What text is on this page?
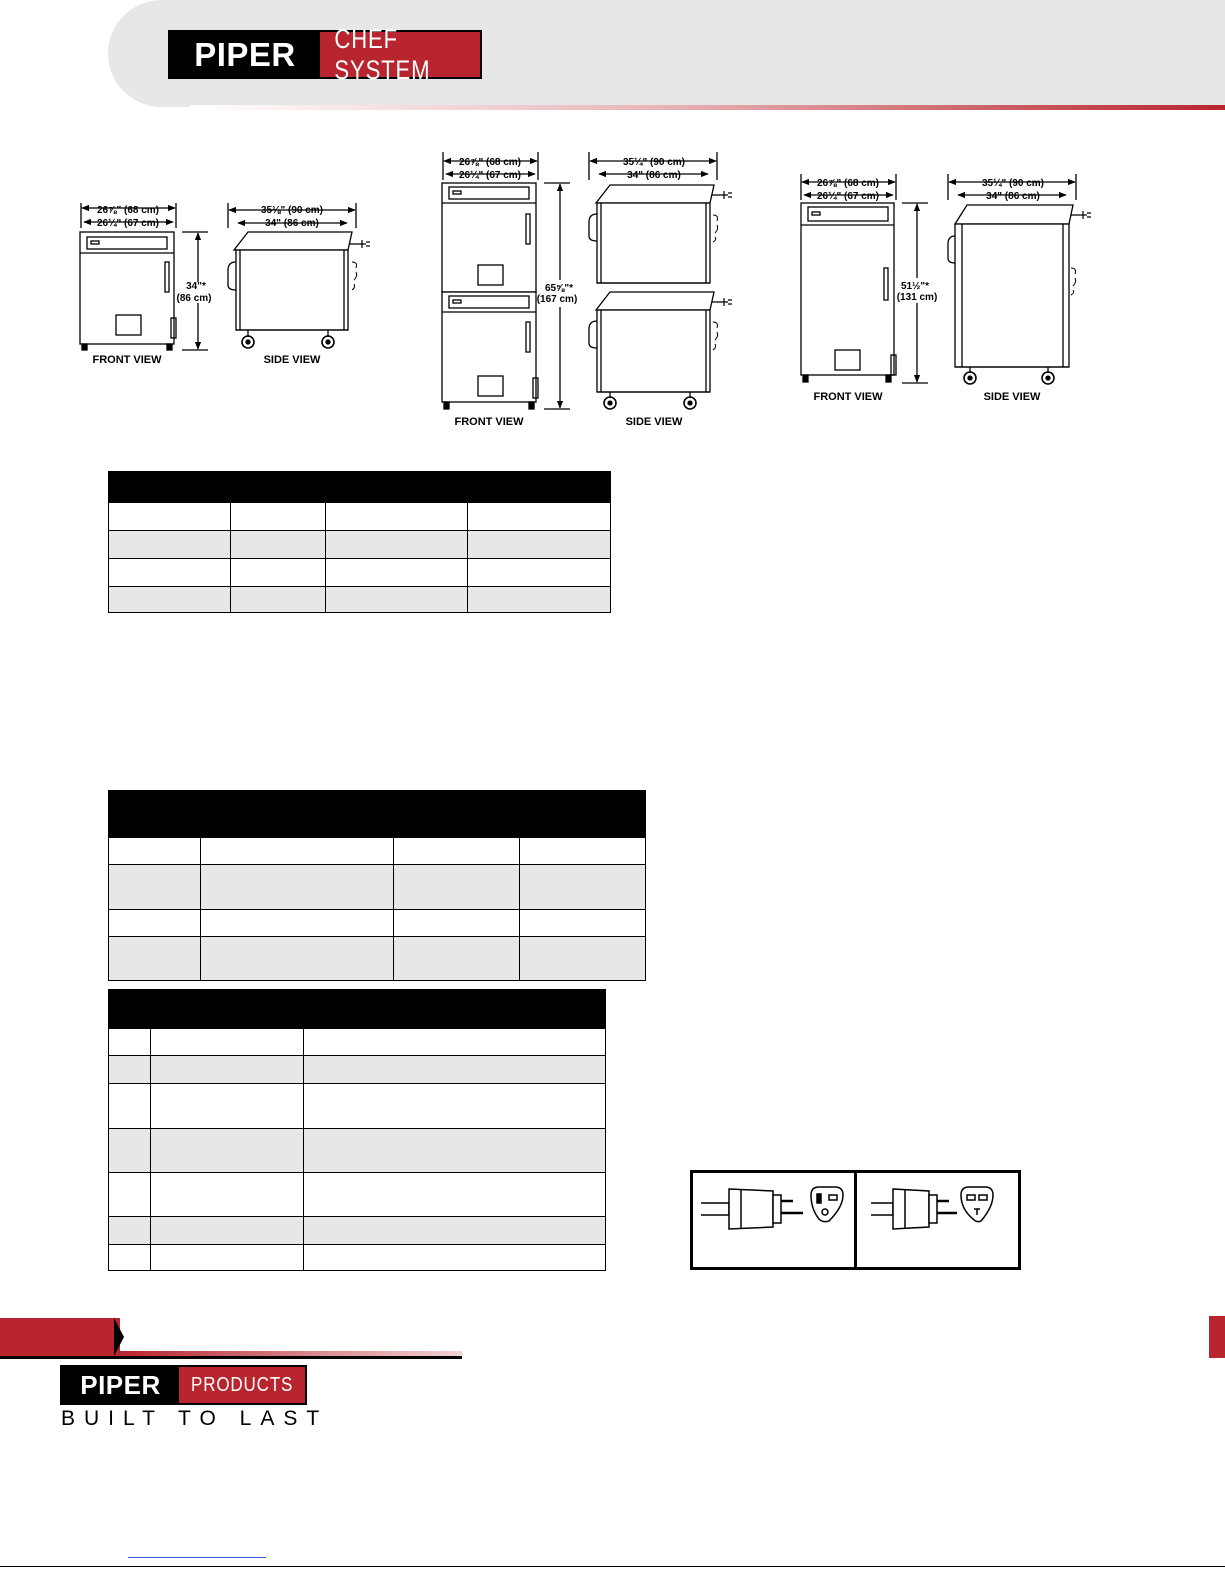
PIPER	CHEF SYSTEM
26⅞" (68 cm)
26¼" (67 cm)
34"*
(86 cm)
FRONT VIEW
35⅛" (90 cm)
34" (86 cm)
SIDE VIEW
26⅞" (68 cm)
26¼" (67 cm)
65⅝"*
(167 cm)
FRONT VIEW
35¼" (90 cm)
34" (86 cm)
SIDE VIEW
26⅞" (68 cm)
26¼" (67 cm)
51½"*
(131 cm)
FRONT VIEW
35¼" (90 cm)
34" (86 cm)
SIDE VIEW
PIPER	PRODUCTS
BUILT TO LAST
